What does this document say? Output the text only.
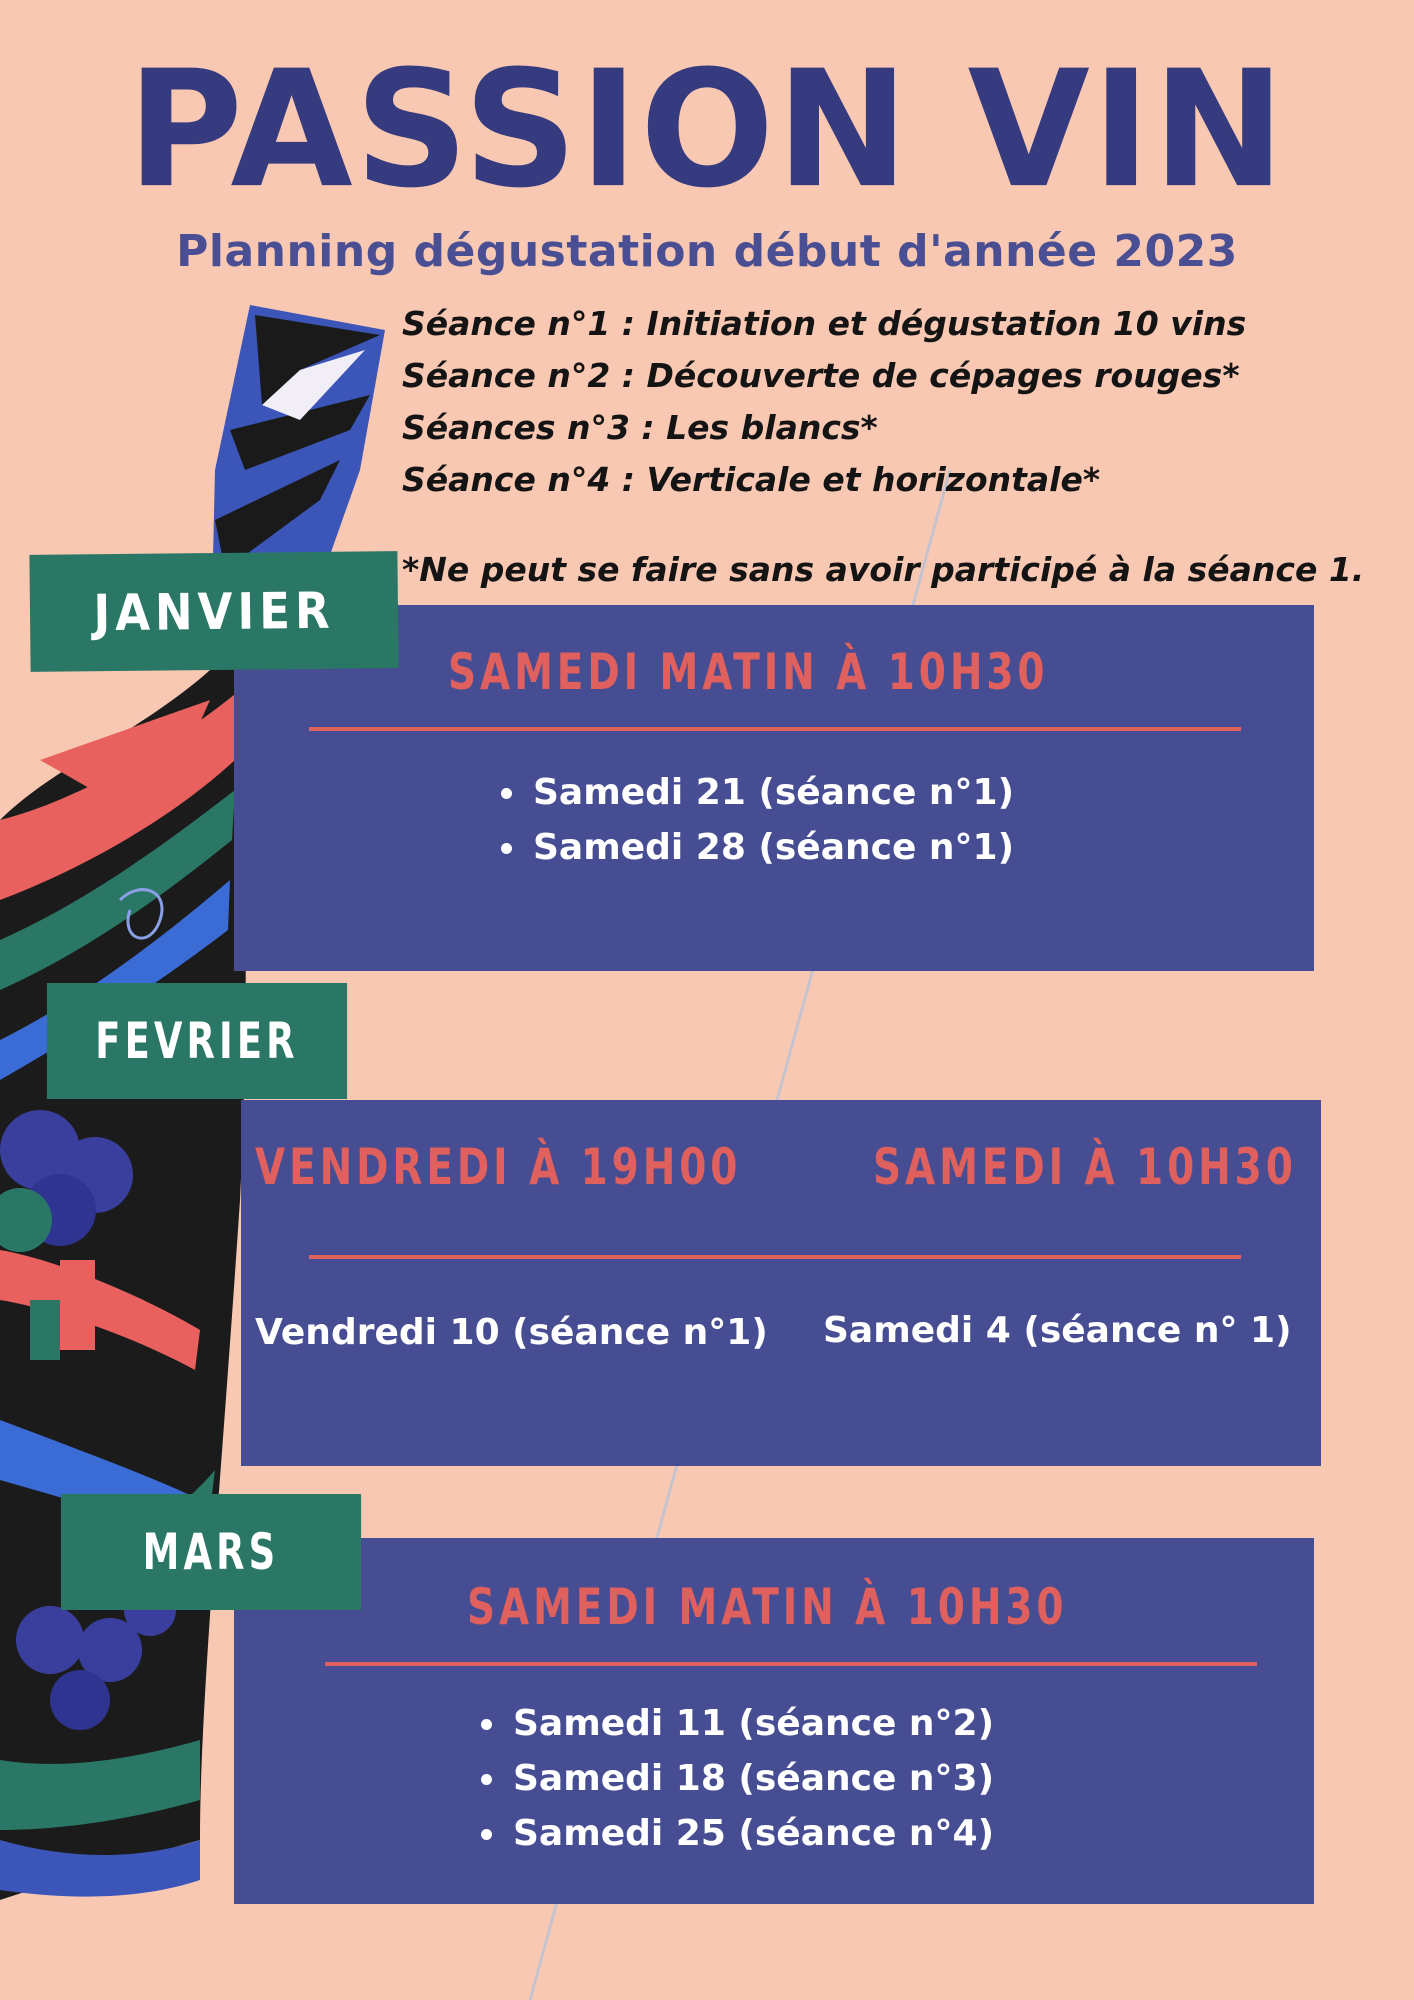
PASSION VIN
Planning dégustation début d'année 2023
Séance n°1 : Initiation et dégustation 10 vins
Séance n°2 : Découverte de cépages rouges*
Séances n°3 : Les blancs*
Séance n°4 : Verticale et horizontale*

*Ne peut se faire sans avoir participé à la séance 1.

SAMEDI MATIN À 10H30

• Samedi 21 (séance n°1)
• Samedi 28 (séance n°1)
JANVIER
FEVRIER

VENDREDI À 19H00	SAMEDI À 10H30

Vendredi 10 (séance n°1) Samedi 4 (séance n° 1)

SAMEDI MATIN À 10H30

• Samedi 11 (séance n°2)
• Samedi 18 (séance n°3)
• Samedi 25 (séance n°4)
MARS
